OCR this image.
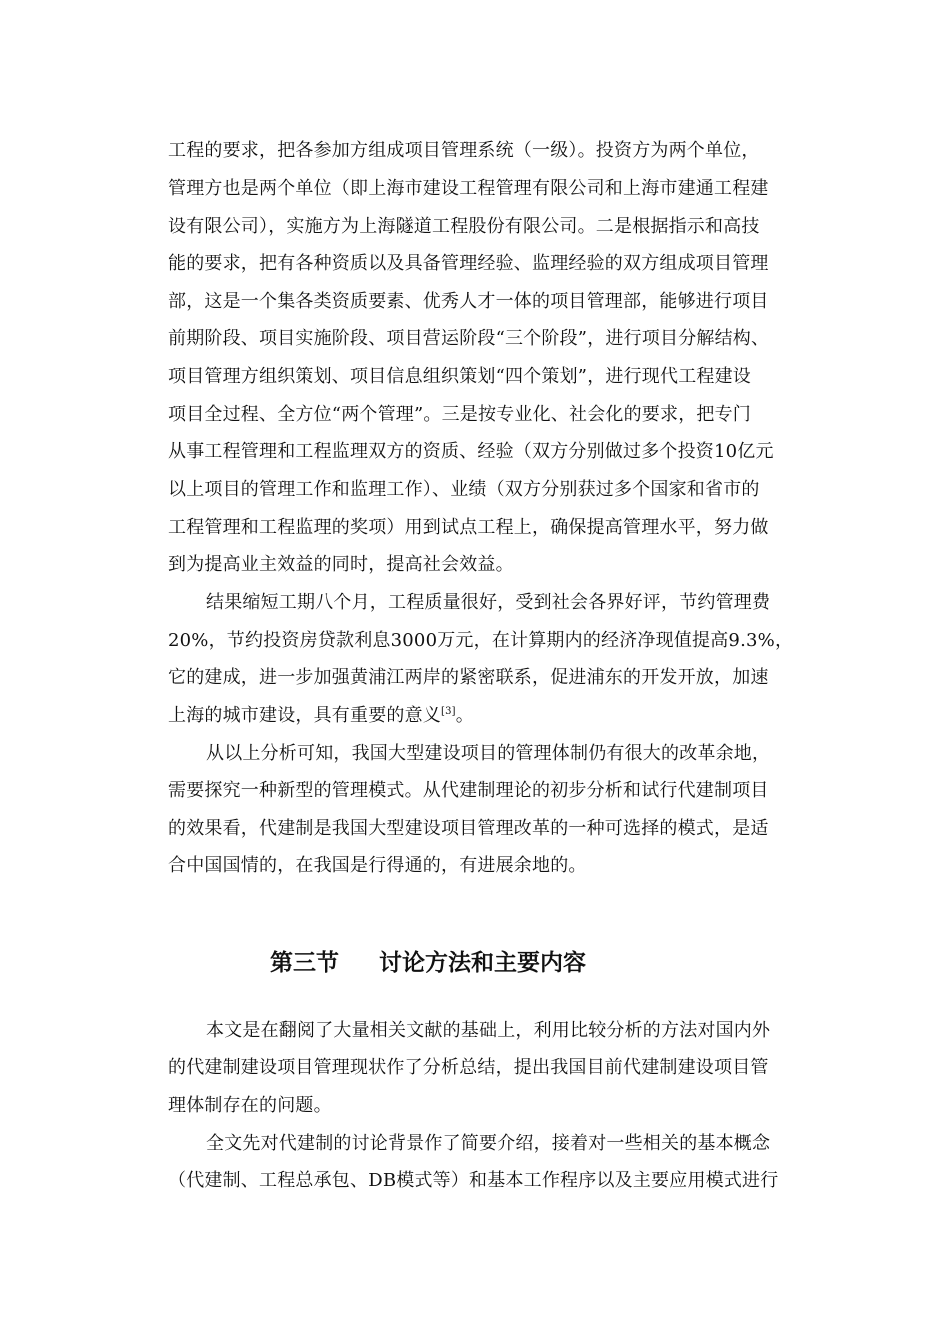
工程的要求，把各参加方组成项目管理系统（一级）。投资方为两个单位，
管理方也是两个单位（即上海市建设工程管理有限公司和上海市建通工程建
设有限公司），实施方为上海隧道工程股份有限公司。二是根据指示和高技
能的要求，把有各种资质以及具备管理经验、监理经验的双方组成项目管理
部，这是一个集各类资质要素、优秀人才一体的项目管理部，能够进行项目
前期阶段、项目实施阶段、项目营运阶段“三个阶段”，进行项目分解结构、
项目管理方组织策划、项目信息组织策划“四个策划”，进行现代工程建设
项目全过程、全方位“两个管理”。三是按专业化、社会化的要求，把专门
从事工程管理和工程监理双方的资质、经验（双方分别做过多个投资10亿元
以上项目的管理工作和监理工作）、业绩（双方分别获过多个国家和省市的
工程管理和工程监理的奖项）用到试点工程上，确保提高管理水平，努力做
到为提高业主效益的同时，提高社会效益。
结果缩短工期八个月，工程质量很好，受到社会各界好评，节约管理费
20%，节约投资房贷款利息3000万元，在计算期内的经济净现值提高9.3%，
它的建成，进一步加强黄浦江两岸的紧密联系，促进浦东的开发开放，加速
上海的城市建设，具有重要的意义[3]。
从以上分析可知，我国大型建设项目的管理体制仍有很大的改革余地，
需要探究一种新型的管理模式。从代建制理论的初步分析和试行代建制项目
的效果看，代建制是我国大型建设项目管理改革的一种可选择的模式，是适
合中国国情的，在我国是行得通的，有进展余地的。
第三节 讨论方法和主要内容
本文是在翻阅了大量相关文献的基础上，利用比较分析的方法对国内外
的代建制建设项目管理现状作了分析总结，提出我国目前代建制建设项目管
理体制存在的问题。
全文先对代建制的讨论背景作了简要介绍，接着对一些相关的基本概念
（代建制、工程总承包、DB模式等）和基本工作程序以及主要应用模式进行
